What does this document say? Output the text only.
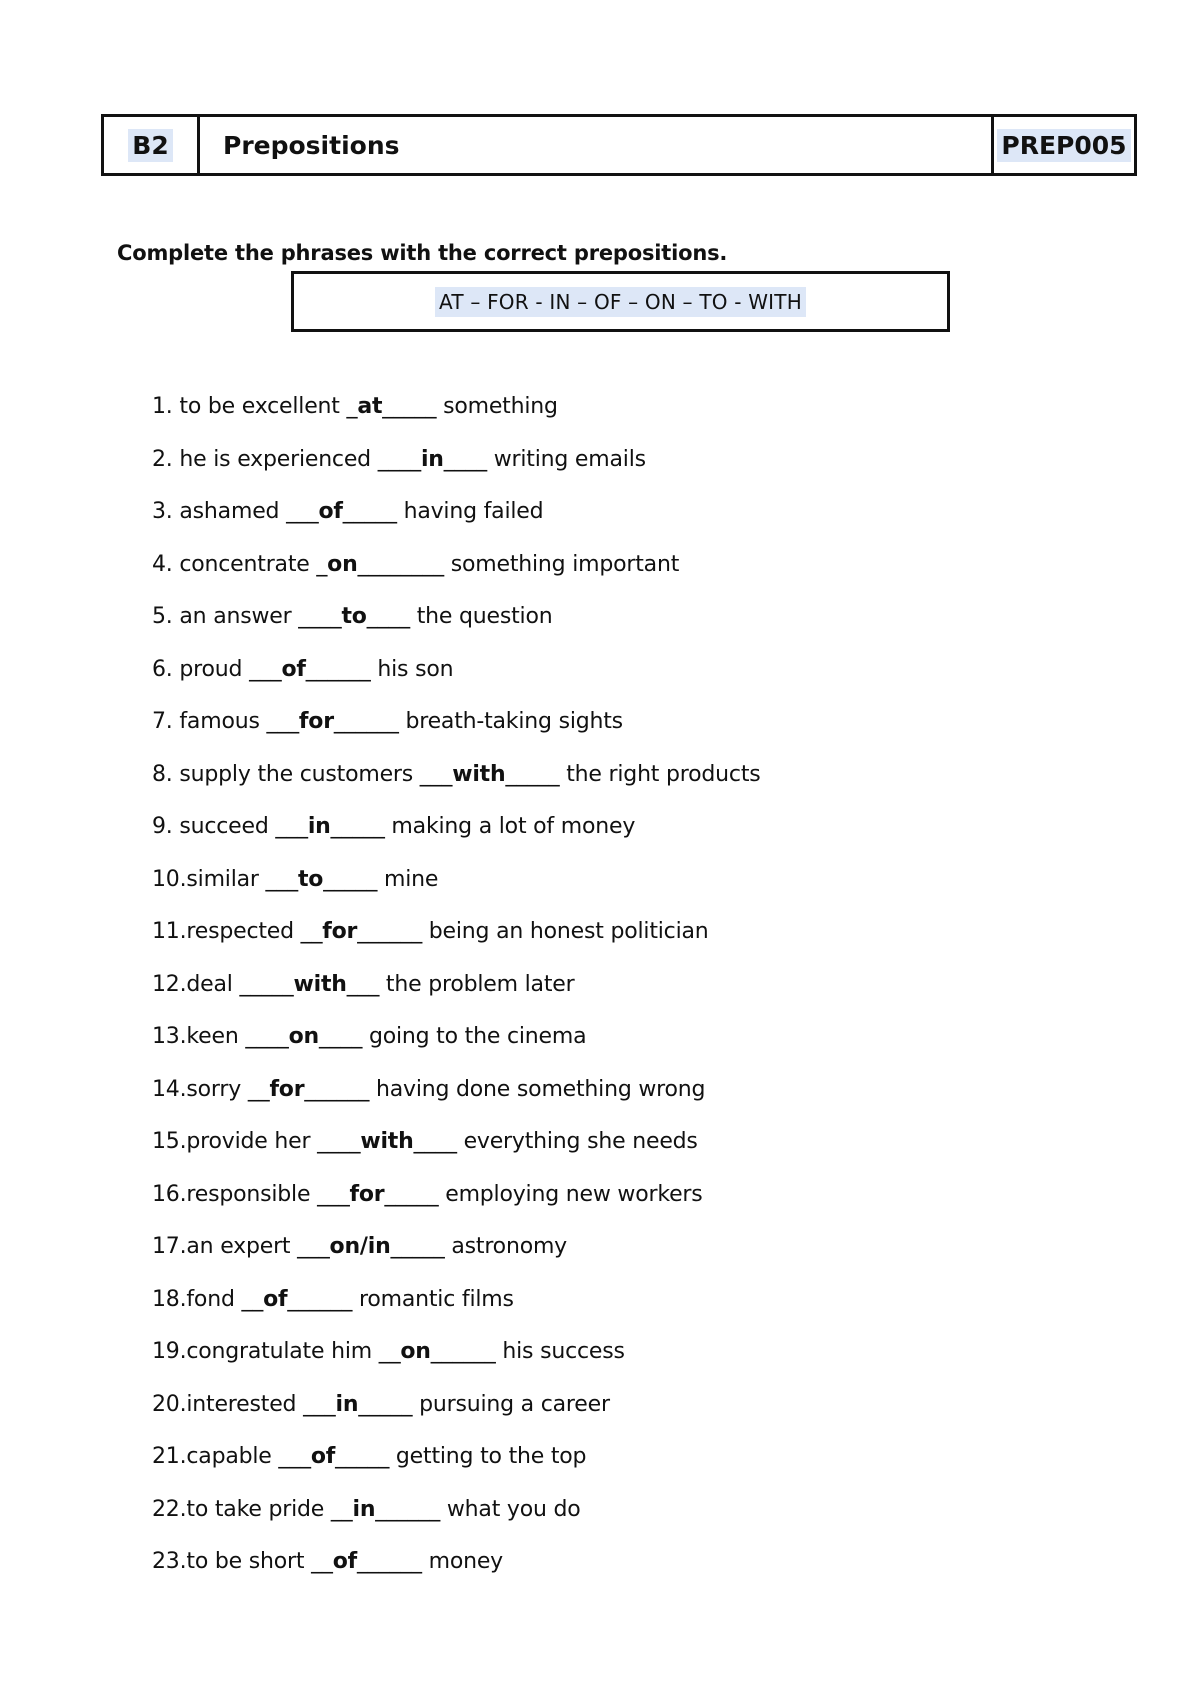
B2 Prepositions	PREP005
Complete the phrases with the correct prepositions.
AT – FOR - IN – OF – ON – TO - WITH
1. to be excellent _at_____ something
2. he is experienced ____in____ writing emails
3. ashamed ___of_____ having failed
4. concentrate _on________ something important
5. an answer ____to____ the question
6. proud ___of______ his son
7. famous ___for______ breath-taking sights
8. supply the customers ___with_____ the right products
9. succeed ___in_____ making a lot of money
10.similar ___to_____ mine
11.respected __for______ being an honest politician
12.deal _____with___ the problem later
13.keen ____on____ going to the cinema
14.sorry __for______ having done something wrong
15.provide her ____with____ everything she needs
16.responsible ___for_____ employing new workers
17.an expert ___on/in_____ astronomy
18.fond __of______ romantic films
19.congratulate him __on______ his success
20.interested ___in_____ pursuing a career
21.capable ___of_____ getting to the top
22.to take pride __in______ what you do
23.to be short __of______ money
